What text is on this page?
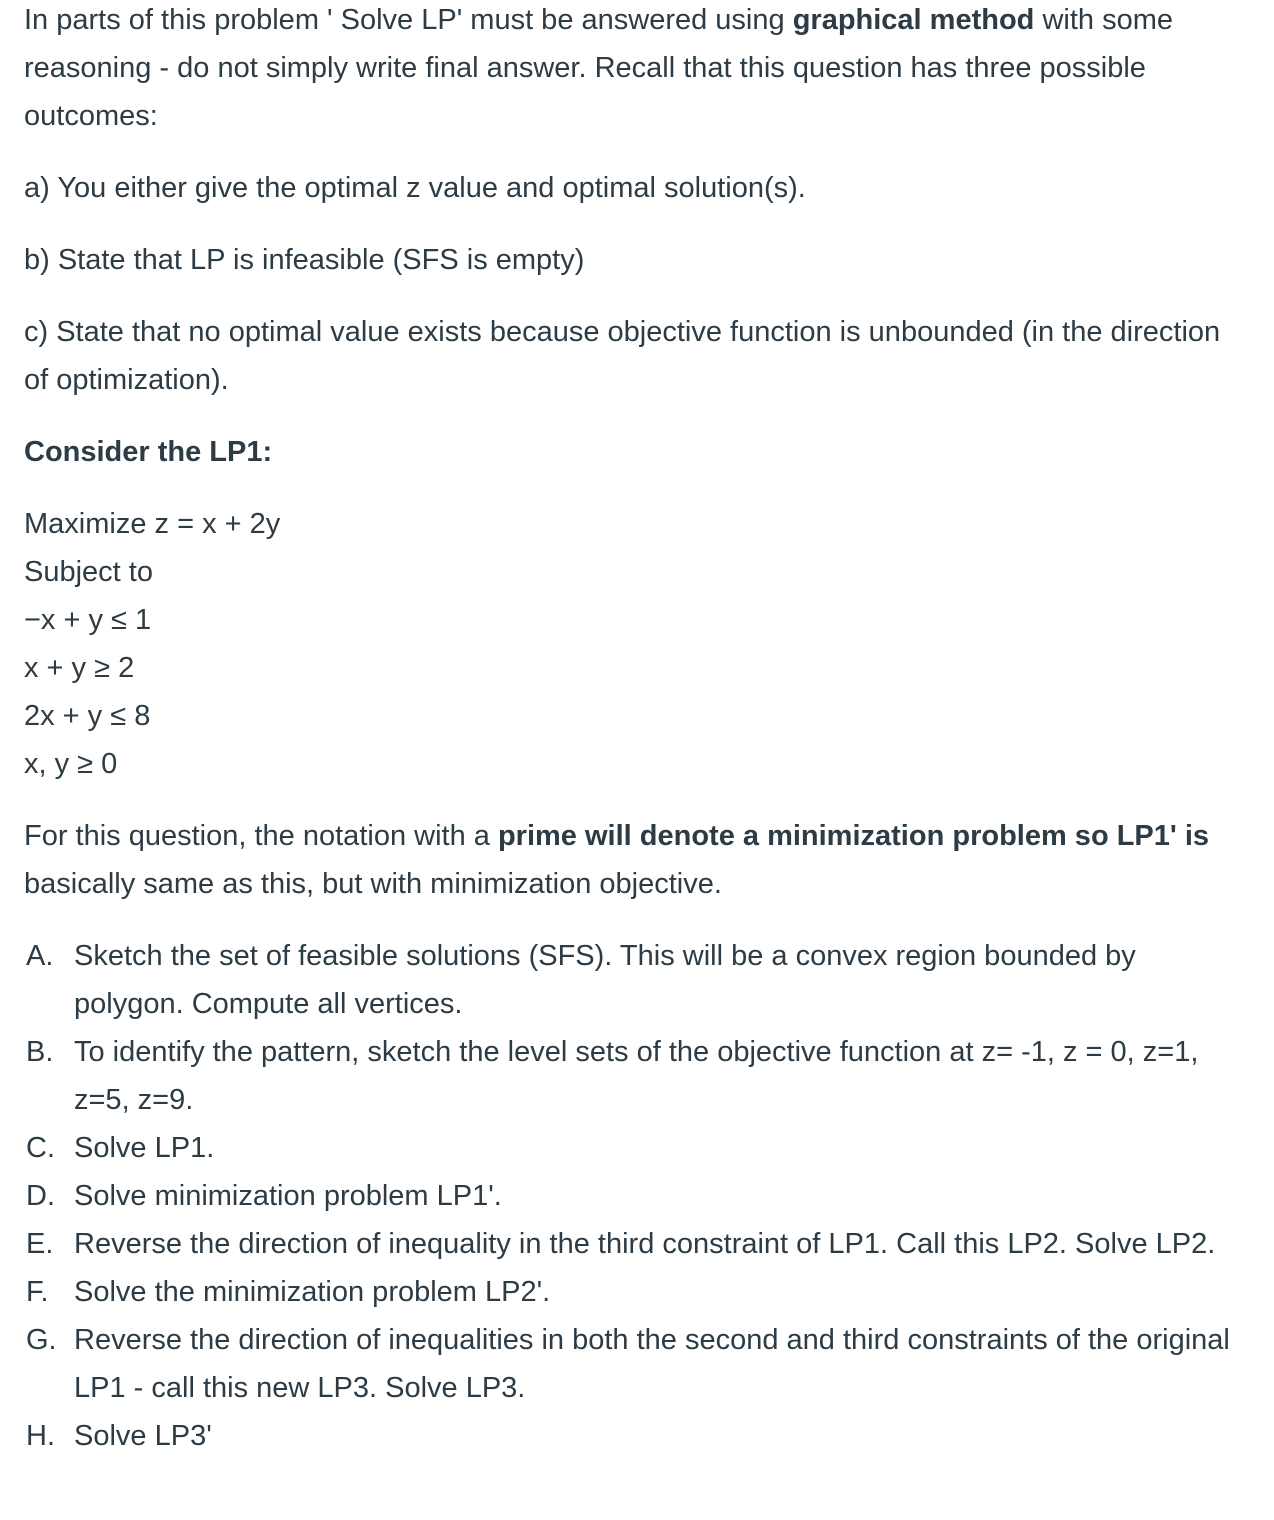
In parts of this problem ' Solve LP' must be answered using graphical method with some reasoning - do not simply write final answer. Recall that this question has three possible outcomes:

a) You either give the optimal z value and optimal solution(s).

b) State that LP is infeasible (SFS is empty)

c) State that no optimal value exists because objective function is unbounded (in the direction of optimization).

Consider the LP1:

Maximize z = x + 2y
Subject to
−x + y ≤ 1
x + y ≥ 2
2x + y ≤ 8
x, y ≥ 0

For this question, the notation with a prime will denote a minimization problem so LP1' is basically same as this, but with minimization objective.

A. Sketch the set of feasible solutions (SFS). This will be a convex region bounded by polygon. Compute all vertices.
B. To identify the pattern, sketch the level sets of the objective function at z= -1, z = 0, z=1, z=5, z=9.
C. Solve LP1.
D. Solve minimization problem LP1'.
E. Reverse the direction of inequality in the third constraint of LP1. Call this LP2. Solve LP2.
F. Solve the minimization problem LP2'.
G. Reverse the direction of inequalities in both the second and third constraints of the original LP1 - call this new LP3. Solve LP3.
H. Solve LP3'
